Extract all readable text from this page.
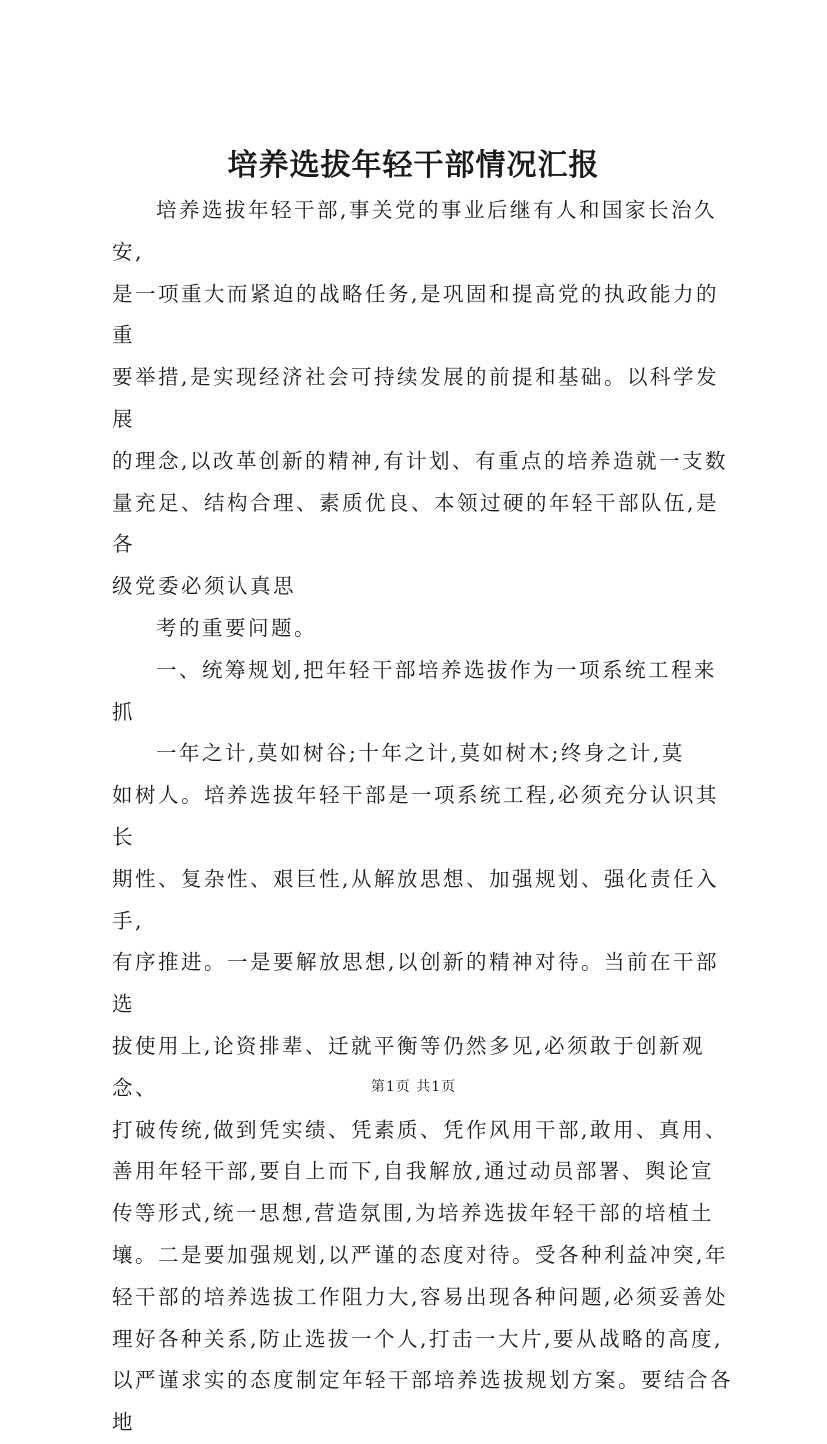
培养选拔年轻干部情况汇报

培养选拔年轻干部,事关党的事业后继有人和国家长治久安,
是一项重大而紧迫的战略任务,是巩固和提高党的执政能力的重
要举措,是实现经济社会可持续发展的前提和基础。以科学发展
的理念,以改革创新的精神,有计划、有重点的培养造就一支数
量充足、结构合理、素质优良、本领过硬的年轻干部队伍,是各
级党委必须认真思

考的重要问题。

一、统筹规划,把年轻干部培养选拔作为一项系统工程来抓

一年之计,莫如树谷;十年之计,莫如树木;终身之计,莫
如树人。培养选拔年轻干部是一项系统工程,必须充分认识其长
期性、复杂性、艰巨性,从解放思想、加强规划、强化责任入手,
有序推进。一是要解放思想,以创新的精神对待。当前在干部选
拔使用上,论资排辈、迁就平衡等仍然多见,必须敢于创新观念、
打破传统,做到凭实绩、凭素质、凭作风用干部,敢用、真用、
善用年轻干部,要自上而下,自我解放,通过动员部署、舆论宣
传等形式,统一思想,营造氛围,为培养选拔年轻干部的培植土
壤。二是要加强规划,以严谨的态度对待。受各种利益冲突,年
轻干部的培养选拔工作阻力大,容易出现各种问题,必须妥善处
理好各种关系,防止选拔一个人,打击一大片,要从战略的高度,
以严谨求实的态度制定年轻干部培养选拔规划方案。要结合各地

第1页 共1页
